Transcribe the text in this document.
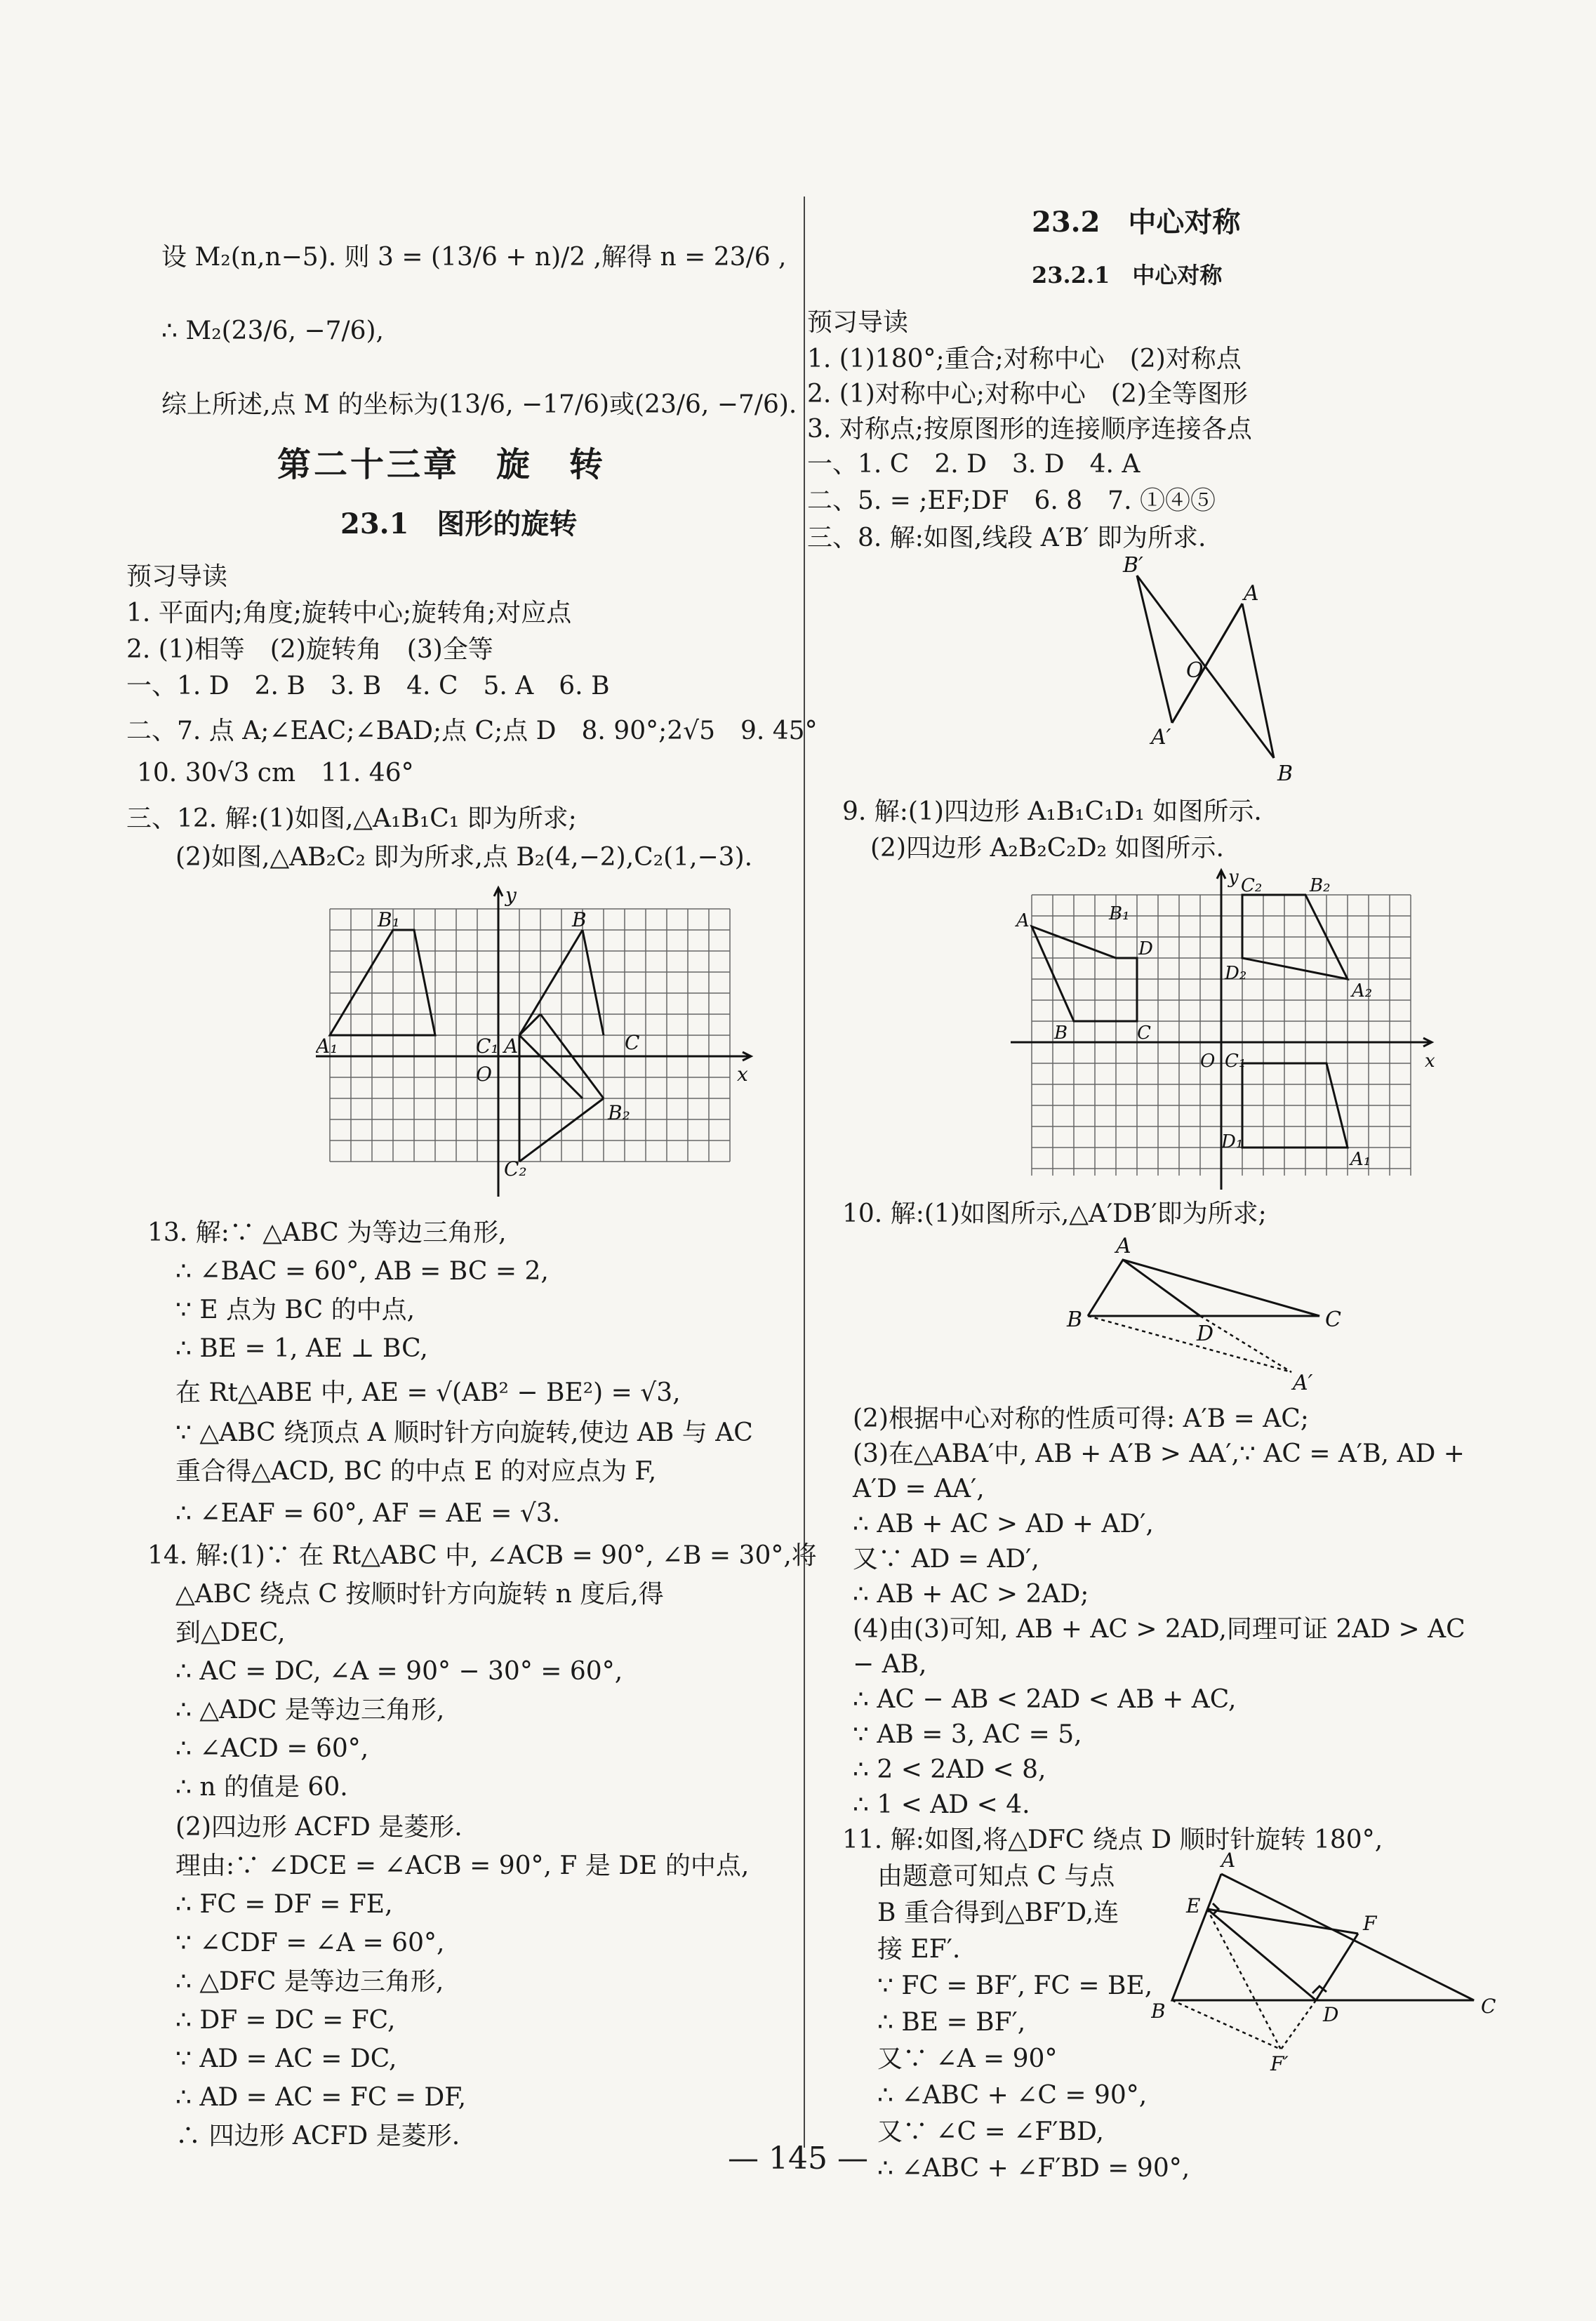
设 M₂(n,n−5). 则 3 = (13/6 + n)/2 ,解得 n = 23/6 ,
∴ M₂(23/6, −7/6),
综上所述,点 M 的坐标为(13/6, −17/6)或(23/6, −7/6).
第二十三章　旋　转
23.1　图形的旋转
预习导读
1. 平面内;角度;旋转中心;旋转角;对应点
2. (1)相等　(2)旋转角　(3)全等
一、1. D　2. B　3. B　4. C　5. A　6. B
二、7. 点 A;∠EAC;∠BAD;点 C;点 D　8. 90°;2√5　9. 45°
10. 30√3 cm　11. 46°
三、12. 解:(1)如图,△A₁B₁C₁ 即为所求;
(2)如图,△AB₂C₂ 即为所求,点 B₂(4,−2),C₂(1,−3).
y
x
O
B₁	B
A₁	C₁ A	C
B₂
C₂
13. 解:∵ △ABC 为等边三角形,
∴ ∠BAC = 60°, AB = BC = 2,
∵ E 点为 BC 的中点,
∴ BE = 1, AE ⊥ BC,
在 Rt△ABE 中, AE = √(AB² − BE²) = √3,
∵ △ABC 绕顶点 A 顺时针方向旋转,使边 AB 与 AC
重合得△ACD, BC 的中点 E 的对应点为 F,
∴ ∠EAF = 60°, AF = AE = √3.
14. 解:(1)∵ 在 Rt△ABC 中, ∠ACB = 90°, ∠B = 30°,将
△ABC 绕点 C 按顺时针方向旋转 n 度后,得
到△DEC,
∴ AC = DC, ∠A = 90° − 30° = 60°,
∴ △ADC 是等边三角形,
∴ ∠ACD = 60°,
∴ n 的值是 60.
(2)四边形 ACFD 是菱形.
理由:∵ ∠DCE = ∠ACB = 90°, F 是 DE 的中点,
∴ FC = DF = FE,
∵ ∠CDF = ∠A = 60°,
∴ △DFC 是等边三角形,
∴ DF = DC = FC,
∵ AD = AC = DC,
∴ AD = AC = FC = DF,
∴ 四边形 ACFD 是菱形.
23.2　中心对称
23.2.1　中心对称
预习导读
1. (1)180°;重合;对称中心　(2)对称点
2. (1)对称中心;对称中心　(2)全等图形
3. 对称点;按原图形的连接顺序连接各点
一、1. C　2. D　3. D　4. A
二、5. = ;EF;DF　6. 8　7. ①④⑤
三、8. 解:如图,线段 A′B′ 即为所求.
B′
A
O
A′
B
9. 解:(1)四边形 A₁B₁C₁D₁ 如图所示.
(2)四边形 A₂B₂C₂D₂ 如图所示.
y
x
O
A	B₁
B	C
C₁
D
D₁
A₁
C₂	B₂
D₂
A₂
10. 解:(1)如图所示,△A′DB′即为所求;
A
B
D
C
A′
(2)根据中心对称的性质可得: A′B = AC;
(3)在△ABA′中, AB + A′B > AA′,∵ AC = A′B, AD +
A′D = AA′,
∴ AB + AC > AD + AD′,
又∵ AD = AD′,
∴ AB + AC > 2AD;
(4)由(3)可知, AB + AC > 2AD,同理可证 2AD > AC
− AB,
∴ AC − AB < 2AD < AB + AC,
∵ AB = 3, AC = 5,
∴ 2 < 2AD < 8,
∴ 1 < AD < 4.
11. 解:如图,将△DFC 绕点 D 顺时针旋转 180°,
由题意可知点 C 与点
B 重合得到△BF′D,连
接 EF′.
∵ FC = BF′, FC = BE,
∴ BE = BF′,
又∵ ∠A = 90°
∴ ∠ABC + ∠C = 90°,
又∵ ∠C = ∠F′BD,
∴ ∠ABC + ∠F′BD = 90°,
A
E
F
B	D	C
F′
— 145 —
